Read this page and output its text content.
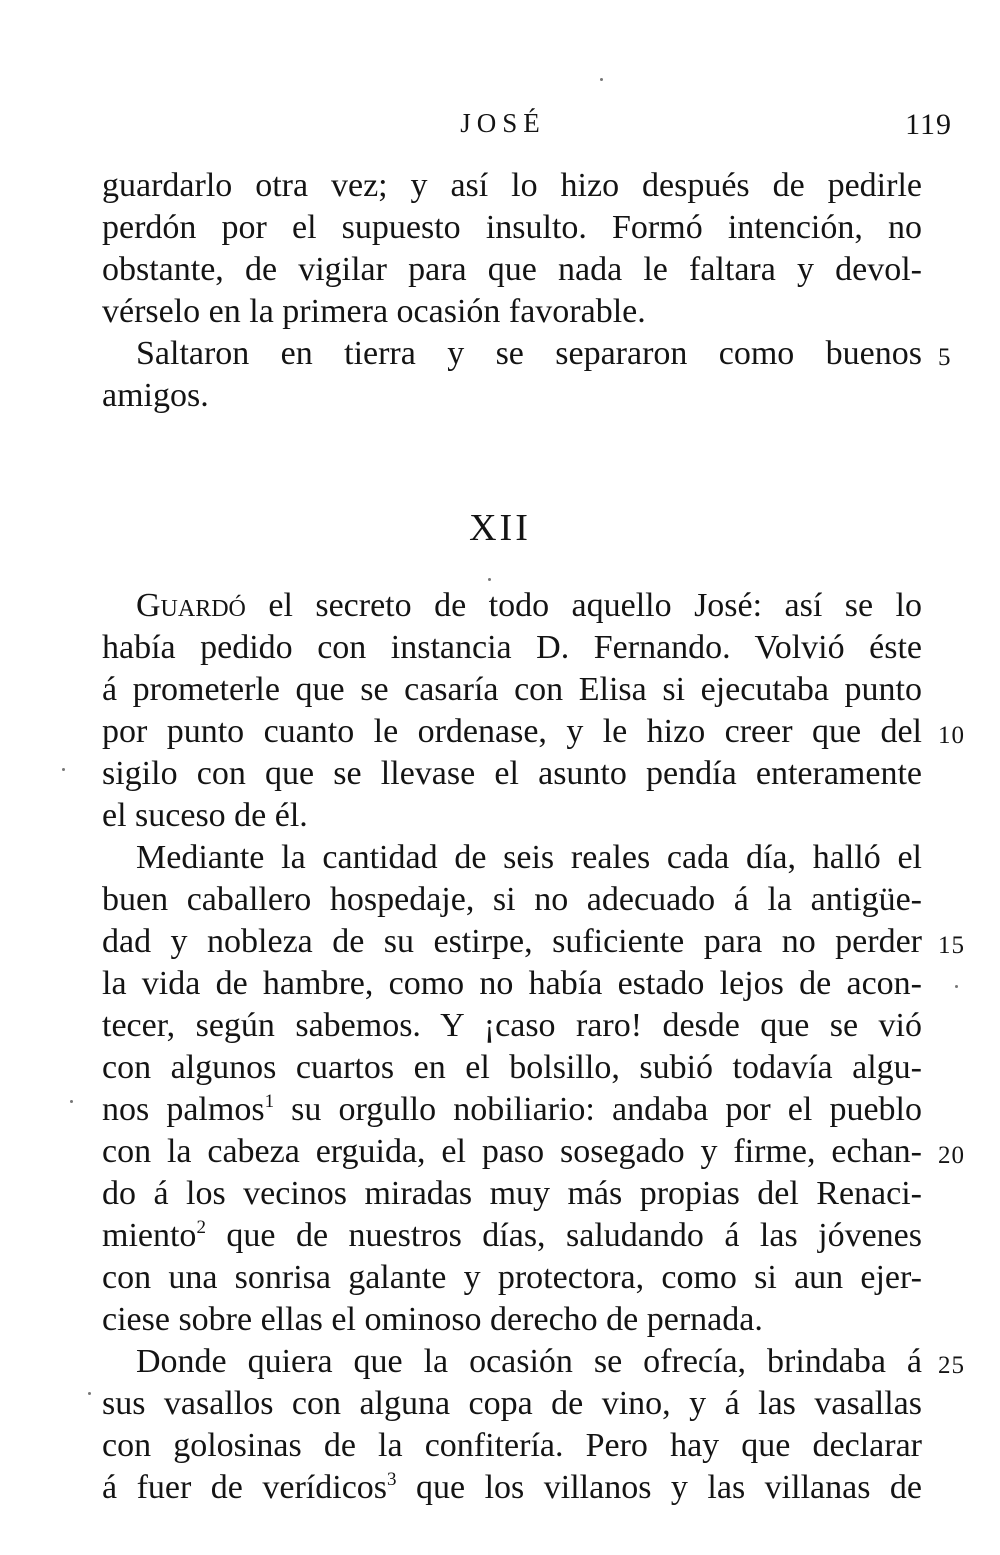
JOSÉ	119
guardarlo otra vez; y así lo hizo después de pedirle
perdón por el supuesto insulto. Formó intención, no
obstante, de vigilar para que nada le faltara y devol-
vérselo en la primera ocasión favorable.
Saltaron en tierra y se separaron como buenos 5
amigos.
XII
Guardó el secreto de todo aquello José: así se lo
había pedido con instancia D. Fernando. Volvió éste
á prometerle que se casaría con Elisa si ejecutaba punto
por punto cuanto le ordenase, y le hizo creer que del 10
sigilo con que se llevase el asunto pendía enteramente
el suceso de él.
Mediante la cantidad de seis reales cada día, halló el
buen caballero hospedaje, si no adecuado á la antigüe-
dad y nobleza de su estirpe, suficiente para no perder 15
la vida de hambre, como no había estado lejos de acon-
tecer, según sabemos. Y ¡caso raro! desde que se vió
con algunos cuartos en el bolsillo, subió todavía algu-
nos palmos$^1$ su orgullo nobiliario: andaba por el pueblo
con la cabeza erguida, el paso sosegado y firme, echan- 20
do á los vecinos miradas muy más propias del Renaci-
miento$^2$ que de nuestros días, saludando á las jóvenes
con una sonrisa galante y protectora, como si aun ejer-
ciese sobre ellas el ominoso derecho de pernada.
Donde quiera que la ocasión se ofrecía, brindaba á 25
sus vasallos con alguna copa de vino, y á las vasallas
con golosinas de la confitería. Pero hay que declarar
á fuer de verídicos$^3$ que los villanos y las villanas de
